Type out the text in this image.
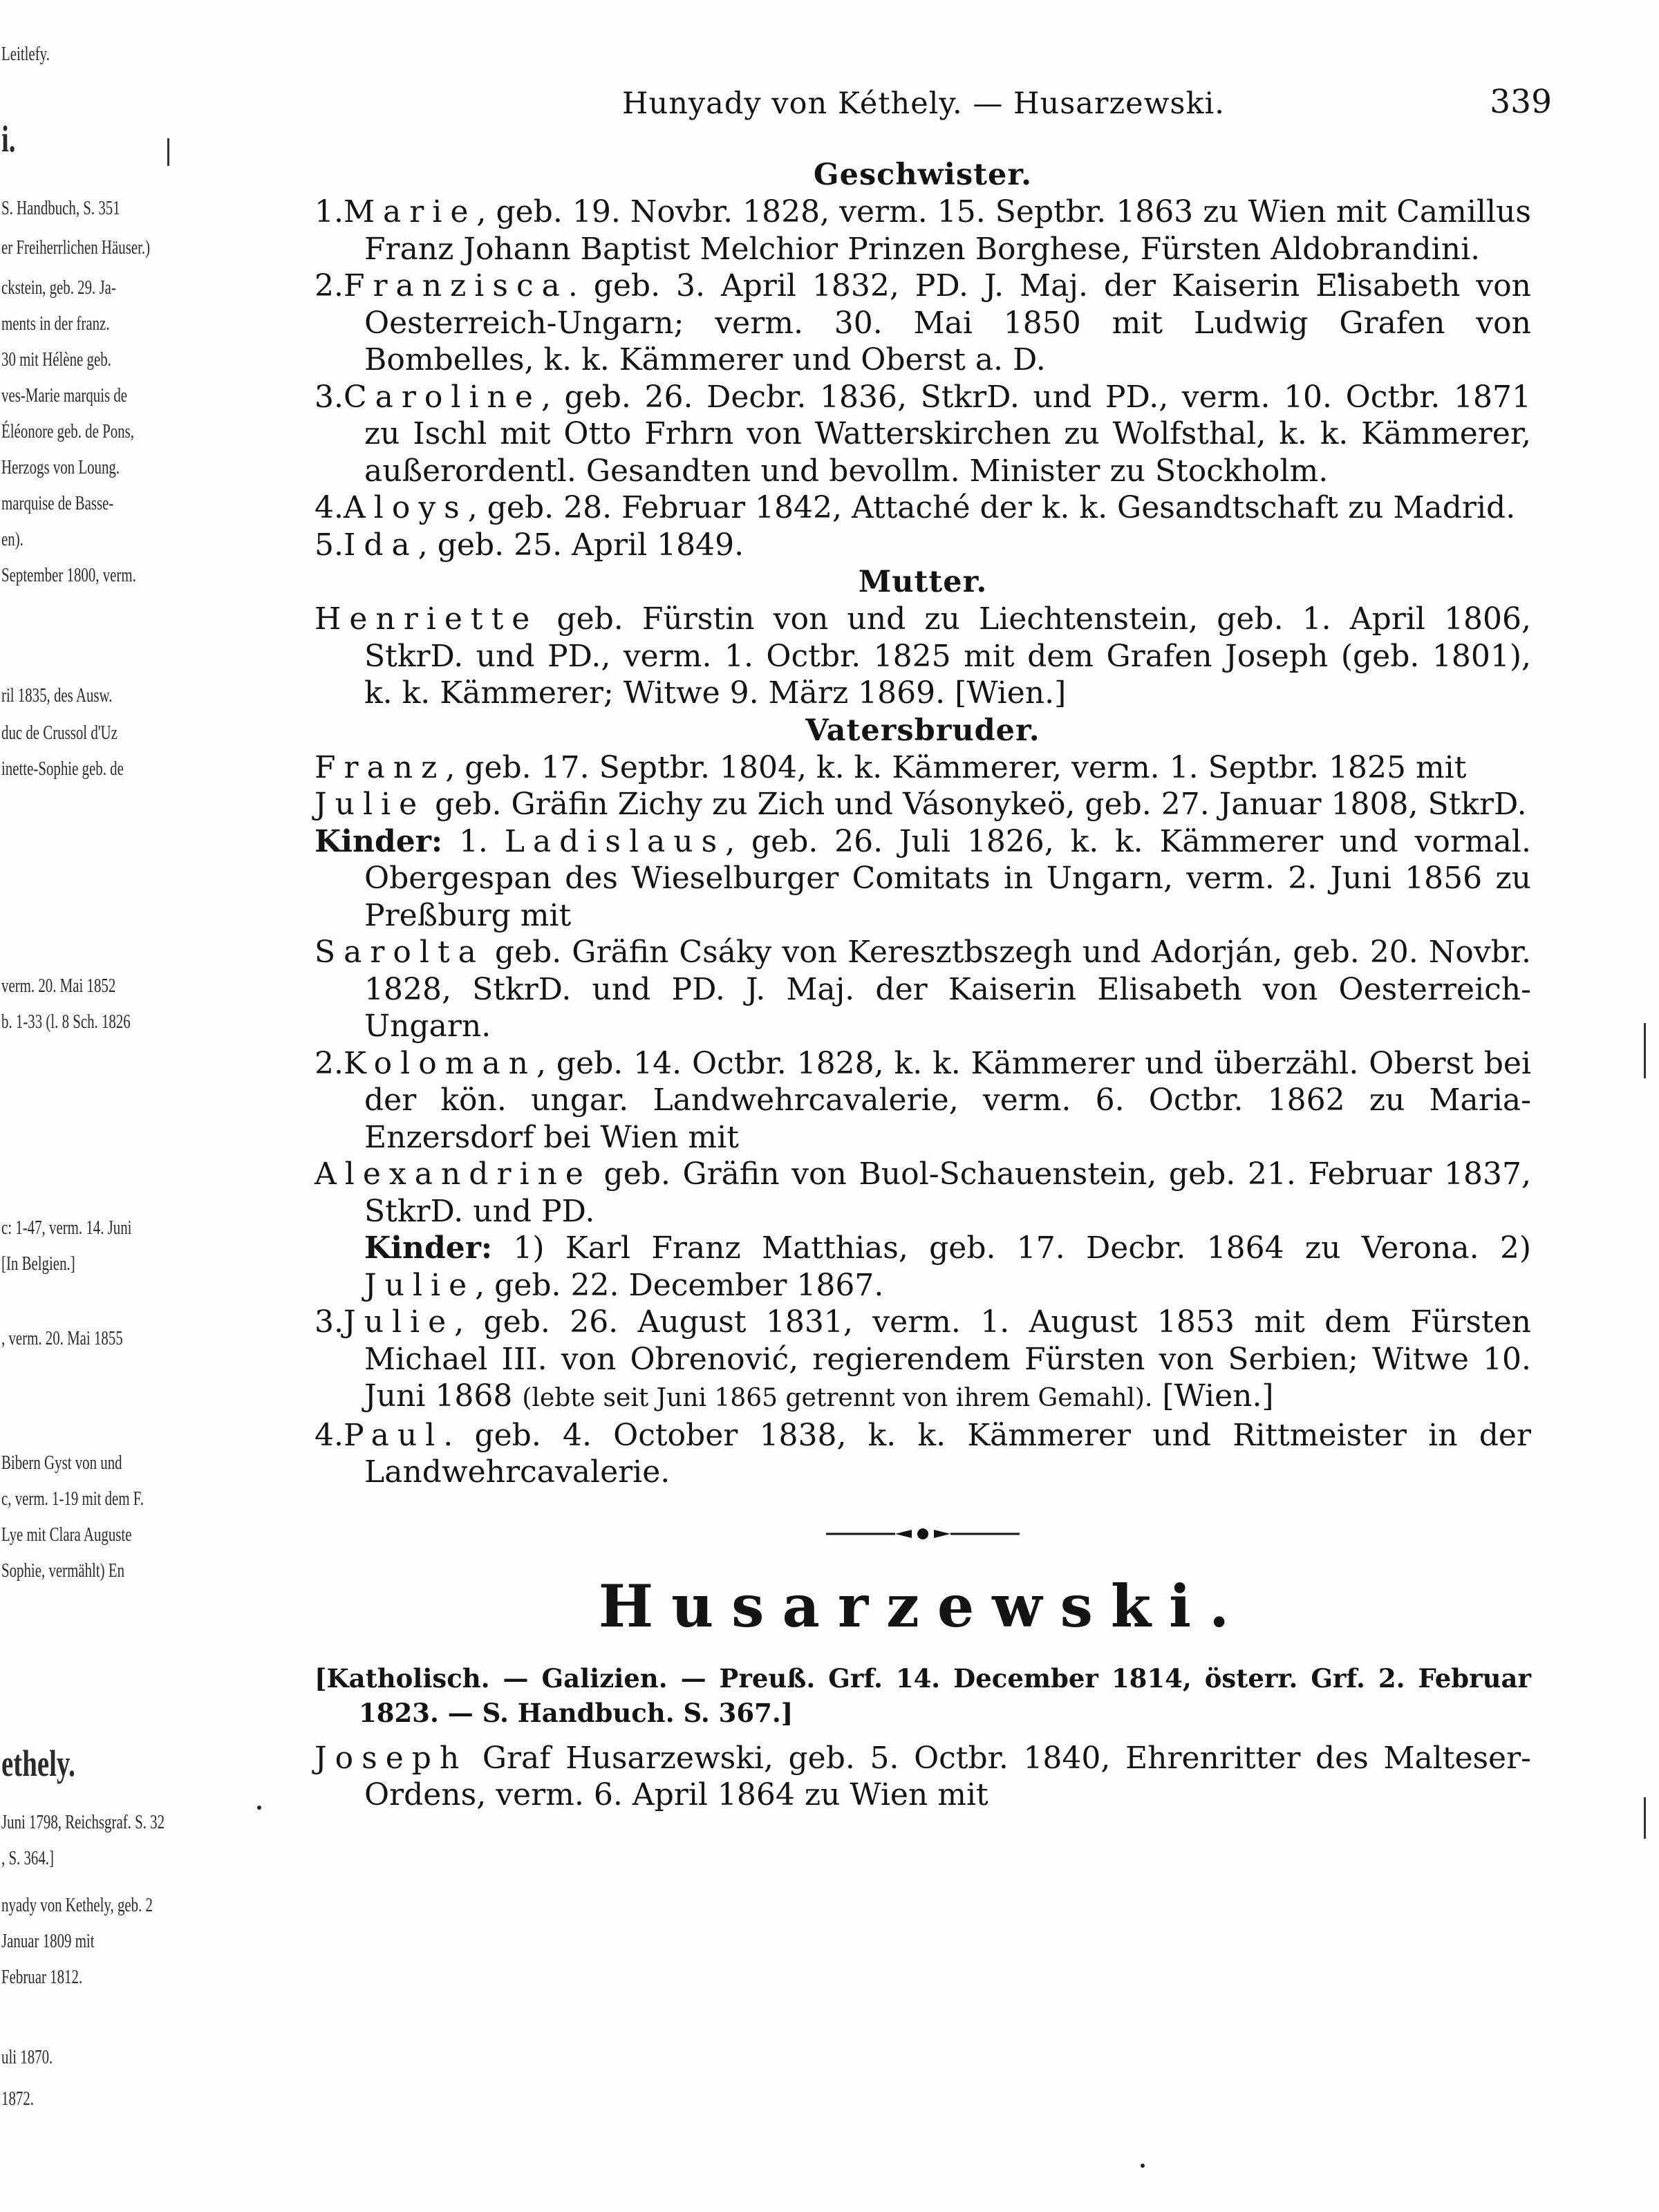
Leitlefy.
i.
S. Handbuch, S. 351
er Freiherrlichen Häuser.)
ckstein, geb. 29. Ja-
ments in der franz.
30 mit Hélène geb.
ves-Marie marquis de
Éléonore geb. de Pons,
Herzogs von Loung.
marquise de Basse-
en).
September 1800, verm.
ril 1835, des Ausw.
duc de Crussol d'Uz
inette-Sophie geb. de
verm. 20. Mai 1852
b. 1-33 (l. 8 Sch. 1826
c: 1-47, verm. 14. Juni
[In Belgien.]
, verm. 20. Mai 1855
Bibern Gyst von und
c, verm. 1-19 mit dem F.
Lye mit Clara Auguste
Sophie, vermählt) En
ethely.
Juni 1798, Reichsgraf. S. 32
, S. 364.]
nyady von Kethely, geb. 2
Januar 1809 mit
Februar 1812.
uli 1870.
1872.
Hunyady von Kéthely. — Husarzewski.	339
Geschwister.

1.Marie, geb. 19. Novbr. 1828, verm. 15. Septbr. 1863 zu Wien mit Camillus Franz Johann Baptist Melchior Prinzen Borghese, Fürsten Aldobrandini.

2.Franzisca. geb. 3. April 1832, PD. J. Maj. der Kaiserin Elisabeth von Oesterreich-Ungarn; verm. 30. Mai 1850 mit Ludwig Grafen von Bombelles, k. k. Kämmerer und Oberst a. D.

3.Caroline, geb. 26. Decbr. 1836, StkrD. und PD., verm. 10. Octbr. 1871 zu Ischl mit Otto Frhrn von Watterskirchen zu Wolfsthal, k. k. Kämmerer, außerordentl. Gesandten und bevollm. Minister zu Stockholm.

4.Aloys, geb. 28. Februar 1842, Attaché der k. k. Gesandtschaft zu Madrid.

5.Ida, geb. 25. April 1849.

Mutter.

Henriette geb. Fürstin von und zu Liechtenstein, geb. 1. April 1806, StkrD. und PD., verm. 1. Octbr. 1825 mit dem Grafen Joseph (geb. 1801), k. k. Kämmerer; Witwe 9. März 1869. [Wien.]

Vatersbruder.

Franz, geb. 17. Septbr. 1804, k. k. Kämmerer, verm. 1. Septbr. 1825 mit

Julie geb. Gräfin Zichy zu Zich und Vásonykeö, geb. 27. Januar 1808, StkrD.

Kinder: 1. Ladislaus, geb. 26. Juli 1826, k. k. Kämmerer und vormal. Obergespan des Wieselburger Comitats in Ungarn, verm. 2. Juni 1856 zu Preßburg mit

Sarolta geb. Gräfin Csáky von Keresztbszegh und Adorján, geb. 20. Novbr. 1828, StkrD. und PD. J. Maj. der Kaiserin Elisabeth von Oesterreich-Ungarn.

2.Koloman, geb. 14. Octbr. 1828, k. k. Kämmerer und überzähl. Oberst bei der kön. ungar. Landwehrcavalerie, verm. 6. Octbr. 1862 zu Maria-Enzersdorf bei Wien mit

Alexandrine geb. Gräfin von Buol-Schauenstein, geb. 21. Februar 1837, StkrD. und PD.

Kinder: 1) Karl Franz Matthias, geb. 17. Decbr. 1864 zu Verona. 2) Julie, geb. 22. December 1867.

3.Julie, geb. 26. August 1831, verm. 1. August 1853 mit dem Fürsten Michael III. von Obrenović, regierendem Fürsten von Serbien; Witwe 10. Juni 1868 (lebte seit Juni 1865 getrennt von ihrem Gemahl). [Wien.]

4.Paul. geb. 4. October 1838, k. k. Kämmerer und Rittmeister in der Landwehrcavalerie.

Husarzewski.

[Katholisch. — Galizien. — Preuß. Grf. 14. December 1814, österr. Grf. 2. Februar 1823. — S. Handbuch. S. 367.]

Joseph Graf Husarzewski, geb. 5. Octbr. 1840, Ehrenritter des Malteser-Ordens, verm. 6. April 1864 zu Wien mit
